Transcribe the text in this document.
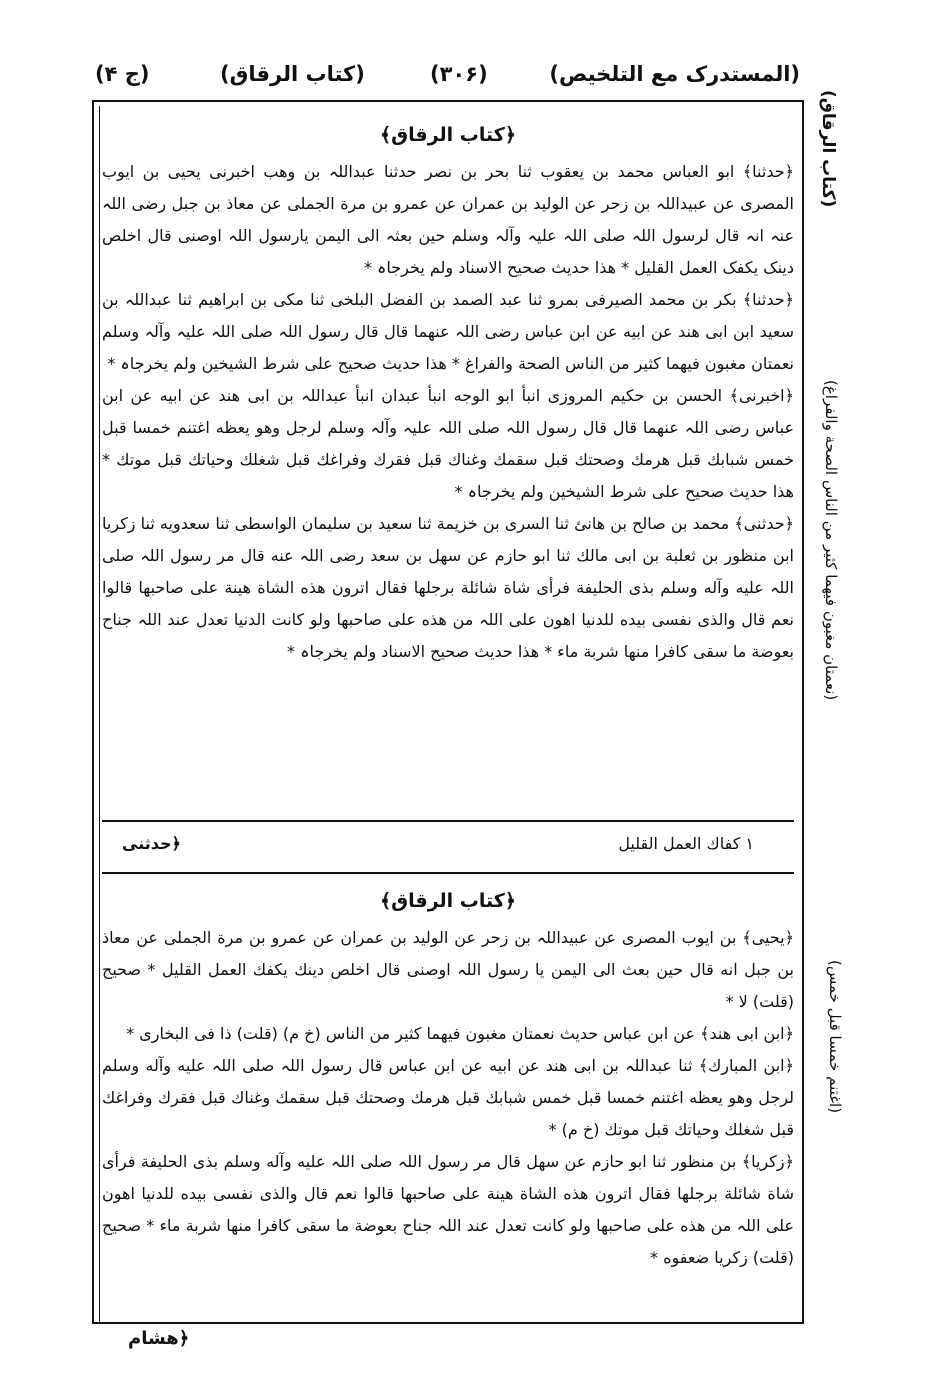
(المستدرک مع التلخیص)
(۳۰۶)
(کتاب الرقاق)
(ج ۴)

﴿کتاب الرقاق﴾

﴿حدثنا﴾ ابو العباس محمد بن یعقوب ثنا بحر بن نصر حدثنا عبداللہ بن وهب اخبرنی یحیی بن ایوب المصری عن عبیداللہ بن زحر عن الولید بن عمران عن عمرو بن مرة الجملی عن معاذ بن جبل رضی اللہ عنہ انہ قال لرسول اللہ صلی اللہ علیہ وآلہ وسلم حین بعثہ الی الیمن یارسول اللہ اوصنی قال اخلص دینک یکفک العمل القلیل * هذا حدیث صحیح الاسناد ولم یخرجاہ *

﴿حدثنا﴾ بکر بن محمد الصیرفی بمرو ثنا عبد الصمد بن الفضل البلخی ثنا مکی بن ابراهیم ثنا عبداللہ بن سعید ابن ابی هند عن ابیه عن ابن عباس رضی اللہ عنهما قال قال رسول اللہ صلی اللہ علیہ وآلہ وسلم نعمتان مغبون فیهما کثیر من الناس الصحة والفراغ * هذا حدیث صحیح علی شرط الشیخین ولم یخرجاہ *

﴿اخبرنی﴾ الحسن بن حکیم المروزی انبأ ابو الوجه انبأ عبدان انبأ عبداللہ بن ابی هند عن ابیه عن ابن عباس رضی اللہ عنهما قال قال رسول اللہ صلی اللہ علیہ وآلہ وسلم لرجل وهو یعظه اغتنم خمسا قبل خمس شبابك قبل هرمك وصحتك قبل سقمك وغناك قبل فقرك وفراغك قبل شغلك وحیاتك قبل موتك * هذا حدیث صحیح علی شرط الشیخین ولم یخرجاہ *

﴿حدثنی﴾ محمد بن صالح بن هانئ ثنا السری بن خزیمة ثنا سعید بن سلیمان الواسطی ثنا سعدویه ثنا زکریا ابن منظور بن ثعلبة بن ابی مالك ثنا ابو حازم عن سهل بن سعد رضی اللہ عنه قال مر رسول اللہ صلی اللہ علیه وآله وسلم بذی الحلیفة فرأی شاة شائلة برجلها فقال اترون هذه الشاة هینة علی صاحبها قالوا نعم قال والذی نفسی بیده للدنیا اهون علی اللہ من هذه علی صاحبها ولو کانت الدنیا تعدل عند اللہ جناح بعوضة ما سقی کافرا منها شربة ماء * هذا حدیث صحیح الاسناد ولم یخرجاہ *

١ کفاك العمل القلیل
﴿حدثنی

﴿کتاب الرقاق﴾

﴿یحیی﴾ بن ایوب المصری عن عبیداللہ بن زحر عن الولید بن عمران عن عمرو بن مرة الجملی عن معاذ بن جبل انه قال حین بعث الی الیمن یا رسول اللہ اوصنی قال اخلص دینك یکفك العمل القلیل * صحیح (قلت) لا *

﴿ابن ابی هند﴾ عن ابن عباس حدیث نعمتان مغبون فیهما کثیر من الناس (خ م) (قلت) ذا فی البخاری *

﴿ابن المبارك﴾ ثنا عبداللہ بن ابی هند عن ابیه عن ابن عباس قال رسول اللہ صلی اللہ علیه وآله وسلم لرجل وهو یعظه اغتنم خمسا قبل خمس شبابك قبل هرمك وصحتك قبل سقمك وغناك قبل فقرك وفراغك قبل شغلك وحیاتك قبل موتك (خ م) *

﴿زکریا﴾ بن منظور ثنا ابو حازم عن سهل قال مر رسول اللہ صلی اللہ علیه وآله وسلم بذی الحلیفة فرأی شاة شائلة برجلها فقال اترون هذه الشاة هینة علی صاحبها قالوا نعم قال والذی نفسی بیده للدنیا اهون علی اللہ من هذه علی صاحبها ولو کانت تعدل عند اللہ جناح بعوضة ما سقی کافرا منها شربة ماء * صحیح (قلت) زکریا ضعفوه *

(کتاب الرقاق)
(نعمتان مغبون فیهما کثیر من الناس الصحة والفراغ)
(اغتنم خمسا قبل خمس)
﴿هشام
